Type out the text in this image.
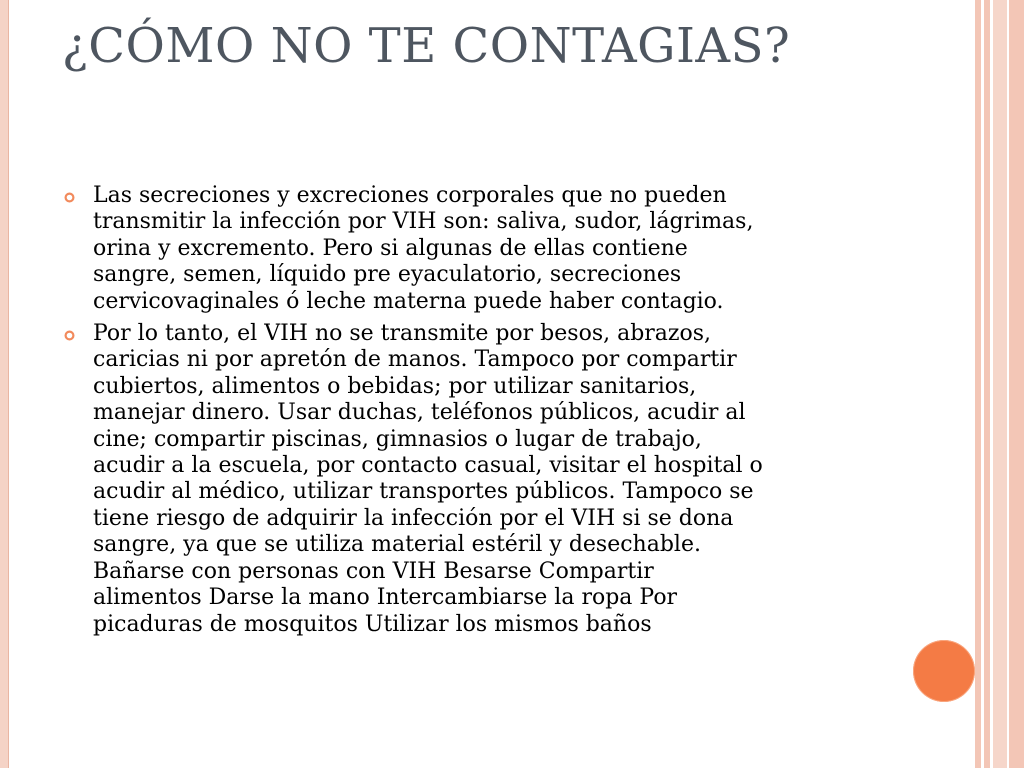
¿CÓMO NO TE CONTAGIAS?
Las secreciones y excreciones corporales que no pueden
transmitir la infección por VIH son: saliva, sudor, lágrimas,
orina y excremento. Pero si algunas de ellas contiene
sangre, semen, líquido pre eyaculatorio, secreciones
cervicovaginales ó leche materna puede haber contagio.
Por lo tanto, el VIH no se transmite por besos, abrazos,
caricias ni por apretón de manos. Tampoco por compartir
cubiertos, alimentos o bebidas; por utilizar sanitarios,
manejar dinero. Usar duchas, teléfonos públicos, acudir al
cine; compartir piscinas, gimnasios o lugar de trabajo,
acudir a la escuela, por contacto casual, visitar el hospital o
acudir al médico, utilizar transportes públicos. Tampoco se
tiene riesgo de adquirir la infección por el VIH si se dona
sangre, ya que se utiliza material estéril y desechable.
Bañarse con personas con VIH Besarse Compartir
alimentos Darse la mano Intercambiarse la ropa Por
picaduras de mosquitos Utilizar los mismos baños
